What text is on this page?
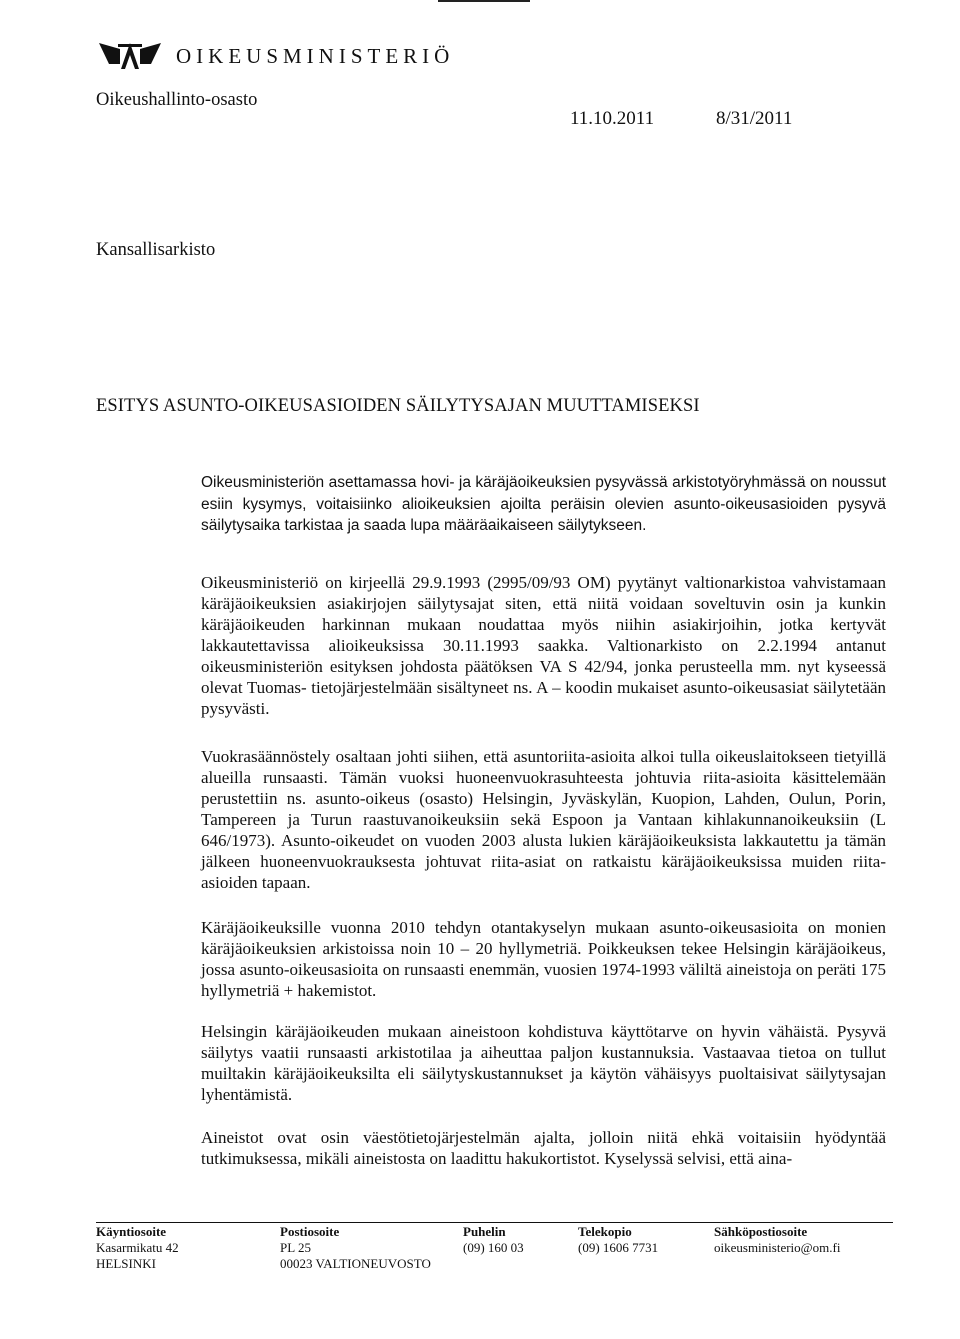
OIKEUSMINISTERIÖ
Oikeushallinto-osasto
11.10.2011	8/31/2011
Kansallisarkisto
ESITYS ASUNTO-OIKEUSASIOIDEN SÄILYTYSAJAN MUUTTAMISEKSI

Oikeusministeriön asettamassa hovi- ja käräjäoikeuksien pysyvässä arkistotyöryhmässä on noussut esiin kysymys, voitaisiinko alioikeuksien ajoilta peräisin olevien asunto-oikeusasioiden pysyvä säilytysaika tarkistaa ja saada lupa määräaikaiseen säilytykseen.

Oikeusministeriö on kirjeellä 29.9.1993 (2995/09/93 OM) pyytänyt valtionarkistoa vahvistamaan käräjäoikeuksien asiakirjojen säilytysajat siten, että niitä voidaan soveltuvin osin ja kunkin käräjäoikeuden harkinnan mukaan noudattaa myös niihin asiakirjoihin, jotka kertyvät lakkautettavissa alioikeuksissa 30.11.1993 saakka. Valtionarkisto on 2.2.1994 antanut oikeusministeriön esityksen johdosta päätöksen VA S 42/94, jonka perusteella mm. nyt kyseessä olevat Tuomas- tietojärjestelmään sisältyneet ns. A – koodin mukaiset asunto-oikeusasiat säilytetään pysyvästi.

Vuokrasäännöstely osaltaan johti siihen, että asuntoriita-asioita alkoi tulla oikeuslaitokseen tietyillä alueilla runsaasti. Tämän vuoksi huoneenvuokrasuhteesta johtuvia riita-asioita käsittelemään perustettiin ns. asunto-oikeus (osasto) Helsingin, Jyväskylän, Kuopion, Lahden, Oulun, Porin, Tampereen ja Turun raastuvanoikeuksiin sekä Espoon ja Vantaan kihlakunnanoikeuksiin (L 646/1973). Asunto-oikeudet on vuoden 2003 alusta lukien käräjäoikeuksista lakkautettu ja tämän jälkeen huoneenvuokrauksesta johtuvat riita-asiat on ratkaistu käräjäoikeuksissa muiden riita-asioiden tapaan.

Käräjäoikeuksille vuonna 2010 tehdyn otantakyselyn mukaan asunto-oikeusasioita on monien käräjäoikeuksien arkistoissa noin 10 – 20 hyllymetriä. Poikkeuksen tekee Helsingin käräjäoikeus, jossa asunto-oikeusasioita on runsaasti enemmän, vuosien 1974-1993 väliltä aineistoja on peräti 175 hyllymetriä + hakemistot.

Helsingin käräjäoikeuden mukaan aineistoon kohdistuva käyttötarve on hyvin vähäistä. Pysyvä säilytys vaatii runsaasti arkistotilaa ja aiheuttaa paljon kustannuksia. Vastaavaa tietoa on tullut muiltakin käräjäoikeuksilta eli säilytyskustannukset ja käytön vähäisyys puoltaisivat säilytysajan lyhentämistä.

Aineistot ovat osin väestötietojärjestelmän ajalta, jolloin niitä ehkä voitaisiin hyödyntää tutkimuksessa, mikäli aineistosta on laadittu hakukortistot. Kyselyssä selvisi, että aina-

Käyntiosoite
Kasarmikatu 42
HELSINKI
Postiosoite
PL 25
00023 VALTIONEUVOSTO
Puhelin
(09) 160 03
Telekopio
(09) 1606 7731
Sähköpostiosoite
oikeusministerio@om.fi
